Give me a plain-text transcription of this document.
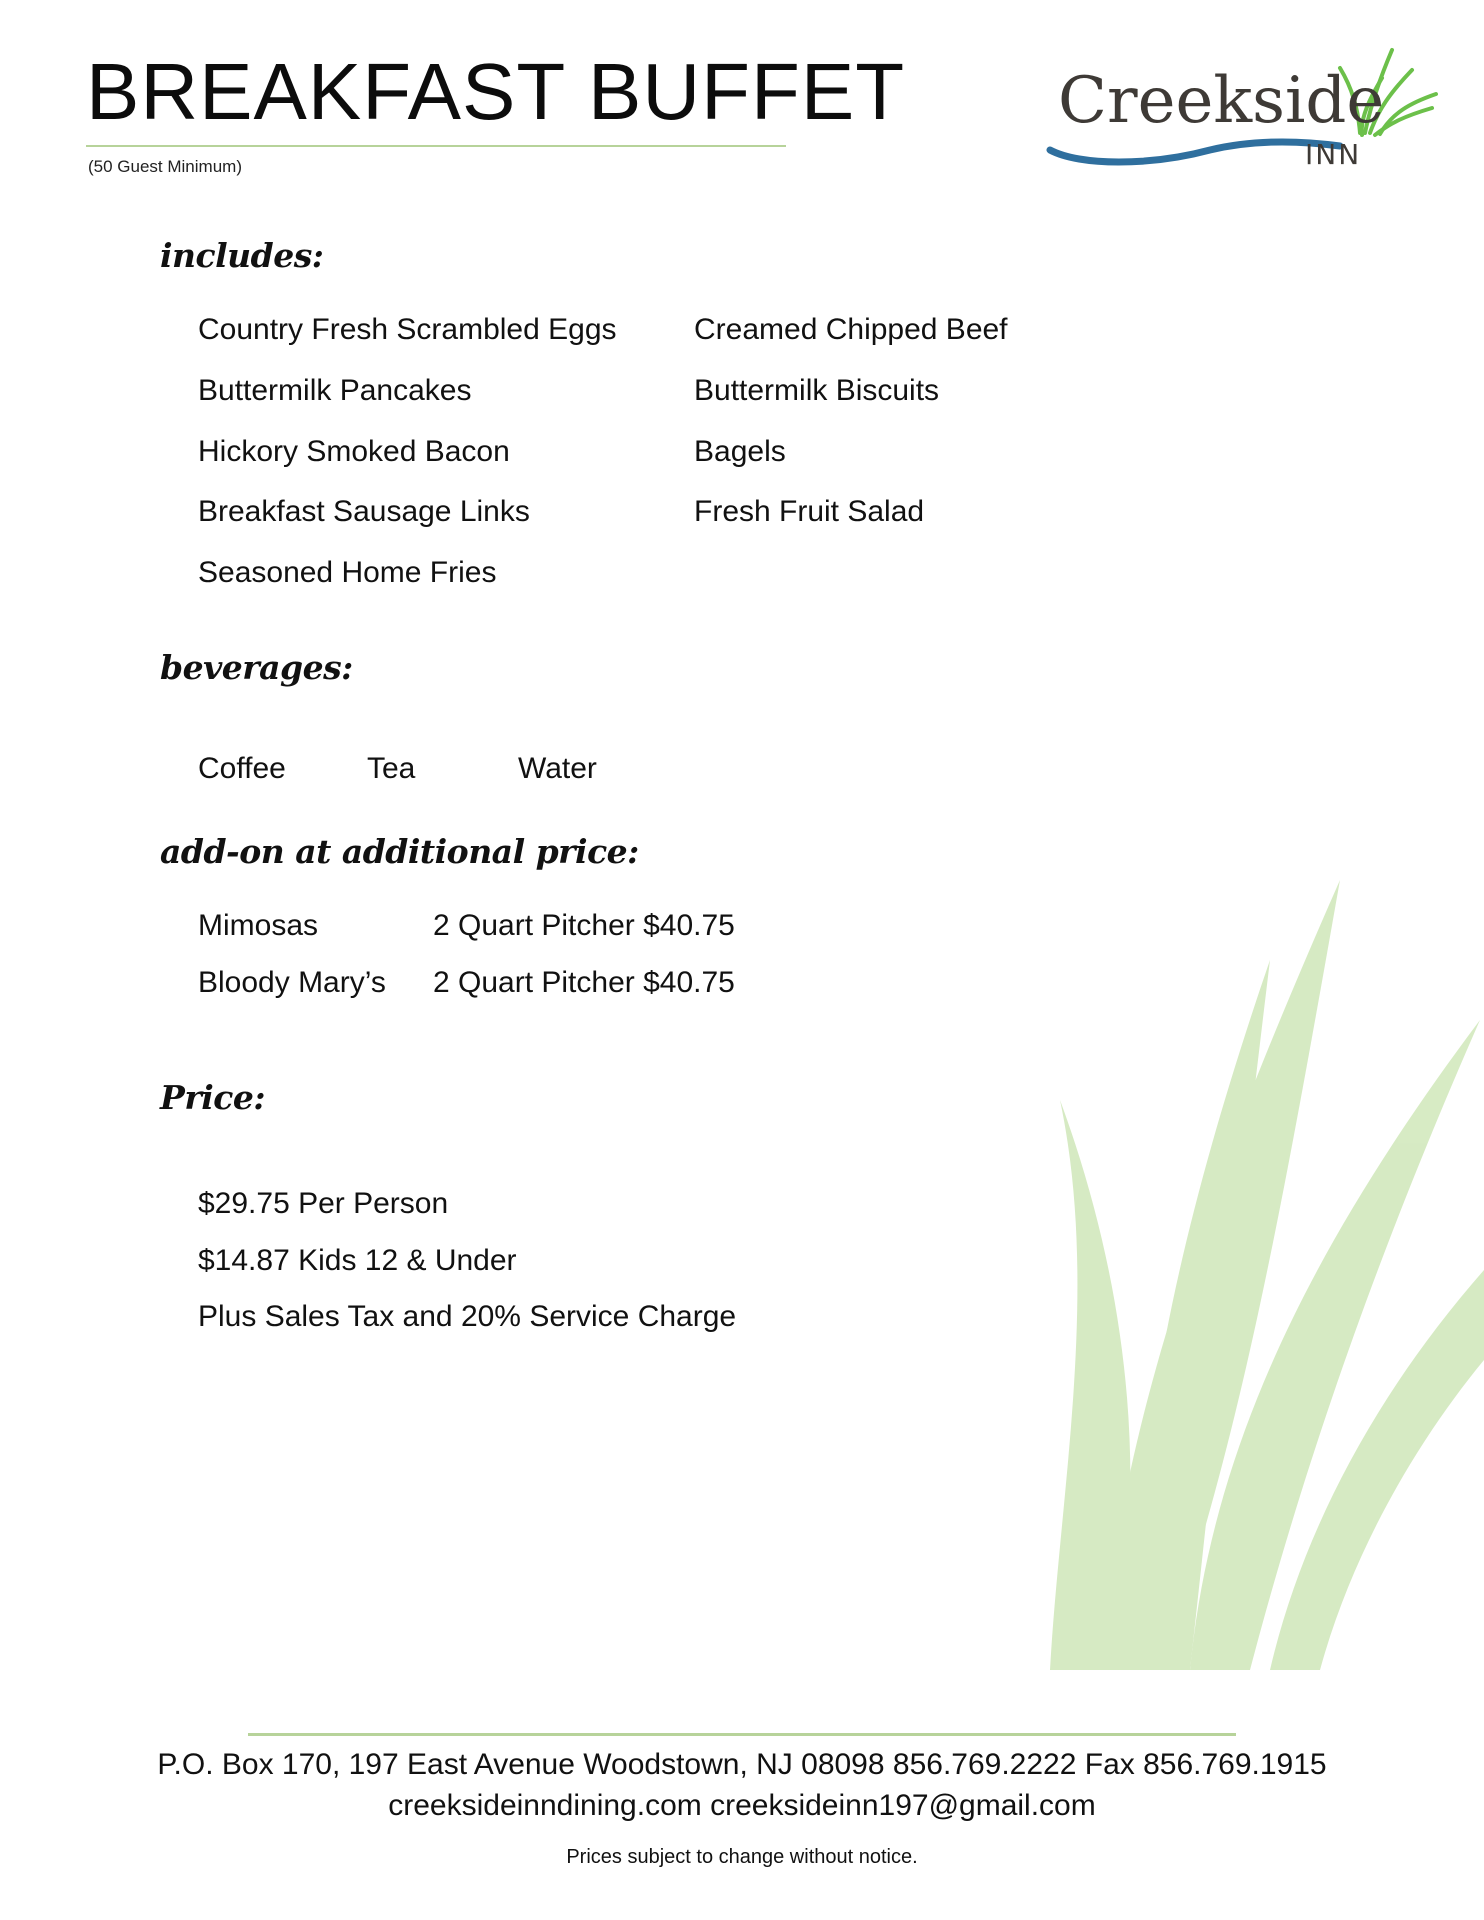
BREAKFAST BUFFET
(50 Guest Minimum)
Creekside
INN
includes:
Country Fresh Scrambled Eggs
Buttermilk Pancakes
Hickory Smoked Bacon
Breakfast Sausage Links
Seasoned Home Fries
Creamed Chipped Beef
Buttermilk Biscuits
Bagels
Fresh Fruit Salad
beverages:
Coffee	Tea	Water
add-on at additional price:
Mimosas	2 Quart Pitcher $40.75
Bloody Mary’s 2 Quart Pitcher $40.75
Price:
$29.75 Per Person
$14.87 Kids 12 & Under
Plus Sales Tax and 20% Service Charge
P.O. Box 170, 197 East Avenue Woodstown, NJ 08098 856.769.2222 Fax 856.769.1915
creeksideinndining.com creeksideinn197@gmail.com
Prices subject to change without notice.
